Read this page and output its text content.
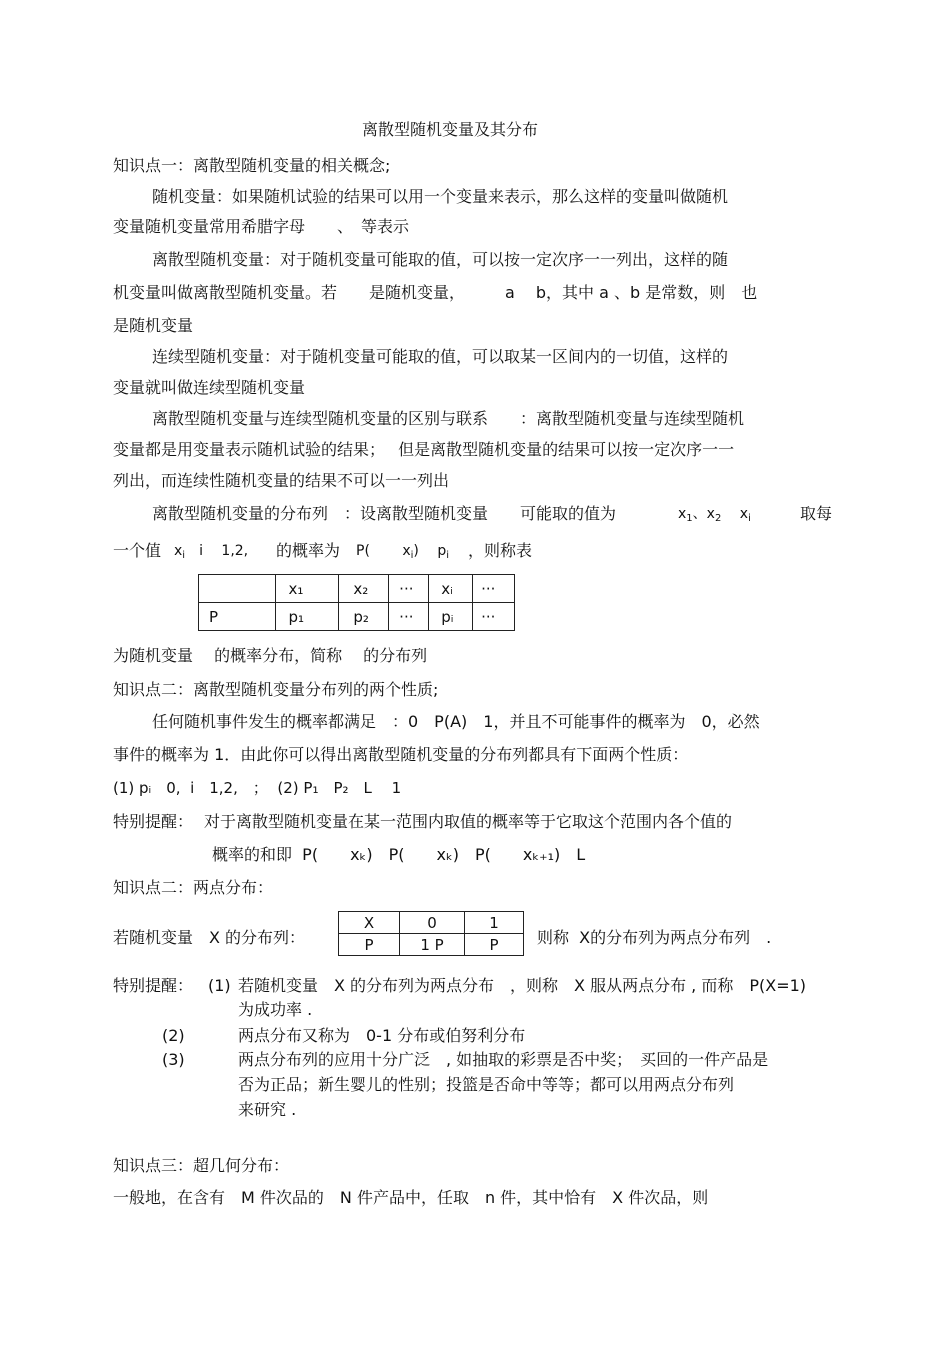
离散型随机变量及其分布
知识点一：离散型随机变量的相关概念;
随机变量：如果随机试验的结果可以用一个变量来表示，那么这样的变量叫做随机
变量随机变量常用希腊字母　　、　等表示
离散型随机变量：对于随机变量可能取的值，可以按一定次序一一列出，这样的随
机变量叫做离散型随机变量。若　　是随机变量，　　　a　 b，其中 a 、b 是常数，则　也
是随机变量
连续型随机变量：对于随机变量可能取的值，可以取某一区间内的一切值，这样的
变量就叫做连续型随机变量
离散型随机变量与连续型随机变量的区别与联系　　：离散型随机变量与连续型随机
变量都是用变量表示随机试验的结果；　 但是离散型随机变量的结果可以按一定次序一一
列出，而连续性随机变量的结果不可以一一列出
离散型随机变量的分布列　：设离散型随机变量　　可能取的值为	$x_1$、$x_2$　 $x_i$	取每
一个值 $x_i$　i　 1,2, 的概率为 P(　　 $x_i$)　 $p_i$ ，则称表
	x₁	x₂	···	xᵢ	···
P	p₁	p₂	···	pᵢ	···
为随机变量　 的概率分布，简称　 的分布列
知识点二：离散型随机变量分布列的两个性质;
任何随机事件发生的概率都满足　：0　P(A)　1，并且不可能事件的概率为　0，必然
事件的概率为 1．由此你可以得出离散型随机变量的分布列都具有下面两个性质：
(1) pᵢ　0,  i　1,2,　；  (2) P₁　P₂　L　 1
特别提醒： 对于离散型随机变量在某一范围内取值的概率等于它取这个范围内各个值的
概率的和即  P(　　xₖ)　P(　　xₖ)　P(　　xₖ₊₁)　L
知识点二：两点分布：
若随机变量　X 的分布列：
X	0	1
P	1 P	P 则称  X的分布列为两点分布列　.
特别提醒： (1) 若随机变量　X 的分布列为两点分布　，则称　X 服从两点分布 , 而称　P(X=1)
为成功率 .
(2)	两点分布又称为　0-1 分布或伯努利分布
(3)	两点分布列的应用十分广泛　, 如抽取的彩票是否中奖；　买回的一件产品是
否为正品；新生婴儿的性别；投篮是否命中等等；都可以用两点分布列
来研究 .
知识点三：超几何分布：
一般地，在含有　M 件次品的　N 件产品中，任取　n 件，其中恰有　X 件次品，则
